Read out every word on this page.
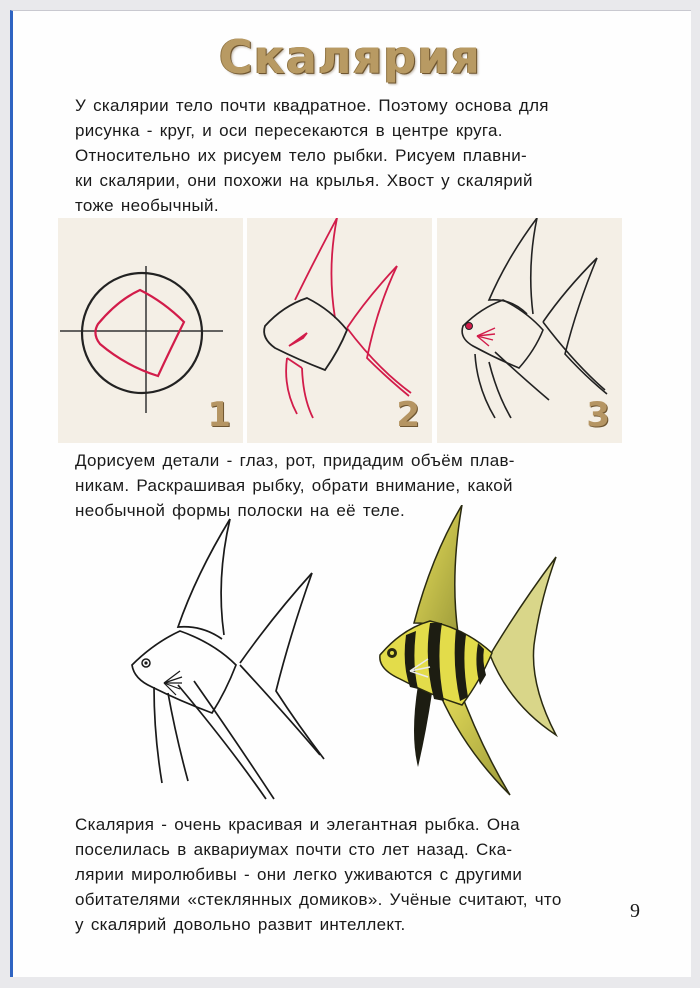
Скалярия

У скалярии тело почти квадратное. Поэтому основа для
рисунка - круг, и оси пересекаются в центре круга.
Относительно их рисуем тело рыбки. Рисуем плавни-
ки скалярии, они похожи на крылья. Хвост у скалярий
тоже необычный.

1	2	3

Дорисуем детали - глаз, рот, придадим объём плав-
никам. Раскрашивая рыбку, обрати внимание, какой
необычной формы полоски на её теле.

Скалярия - очень красивая и элегантная рыбка. Она
поселилась в аквариумах почти сто лет назад. Ска-
лярии миролюбивы - они легко уживаются с другими
обитателями «стеклянных домиков». Учёные считают, что
у скалярий довольно развит интеллект.

9
